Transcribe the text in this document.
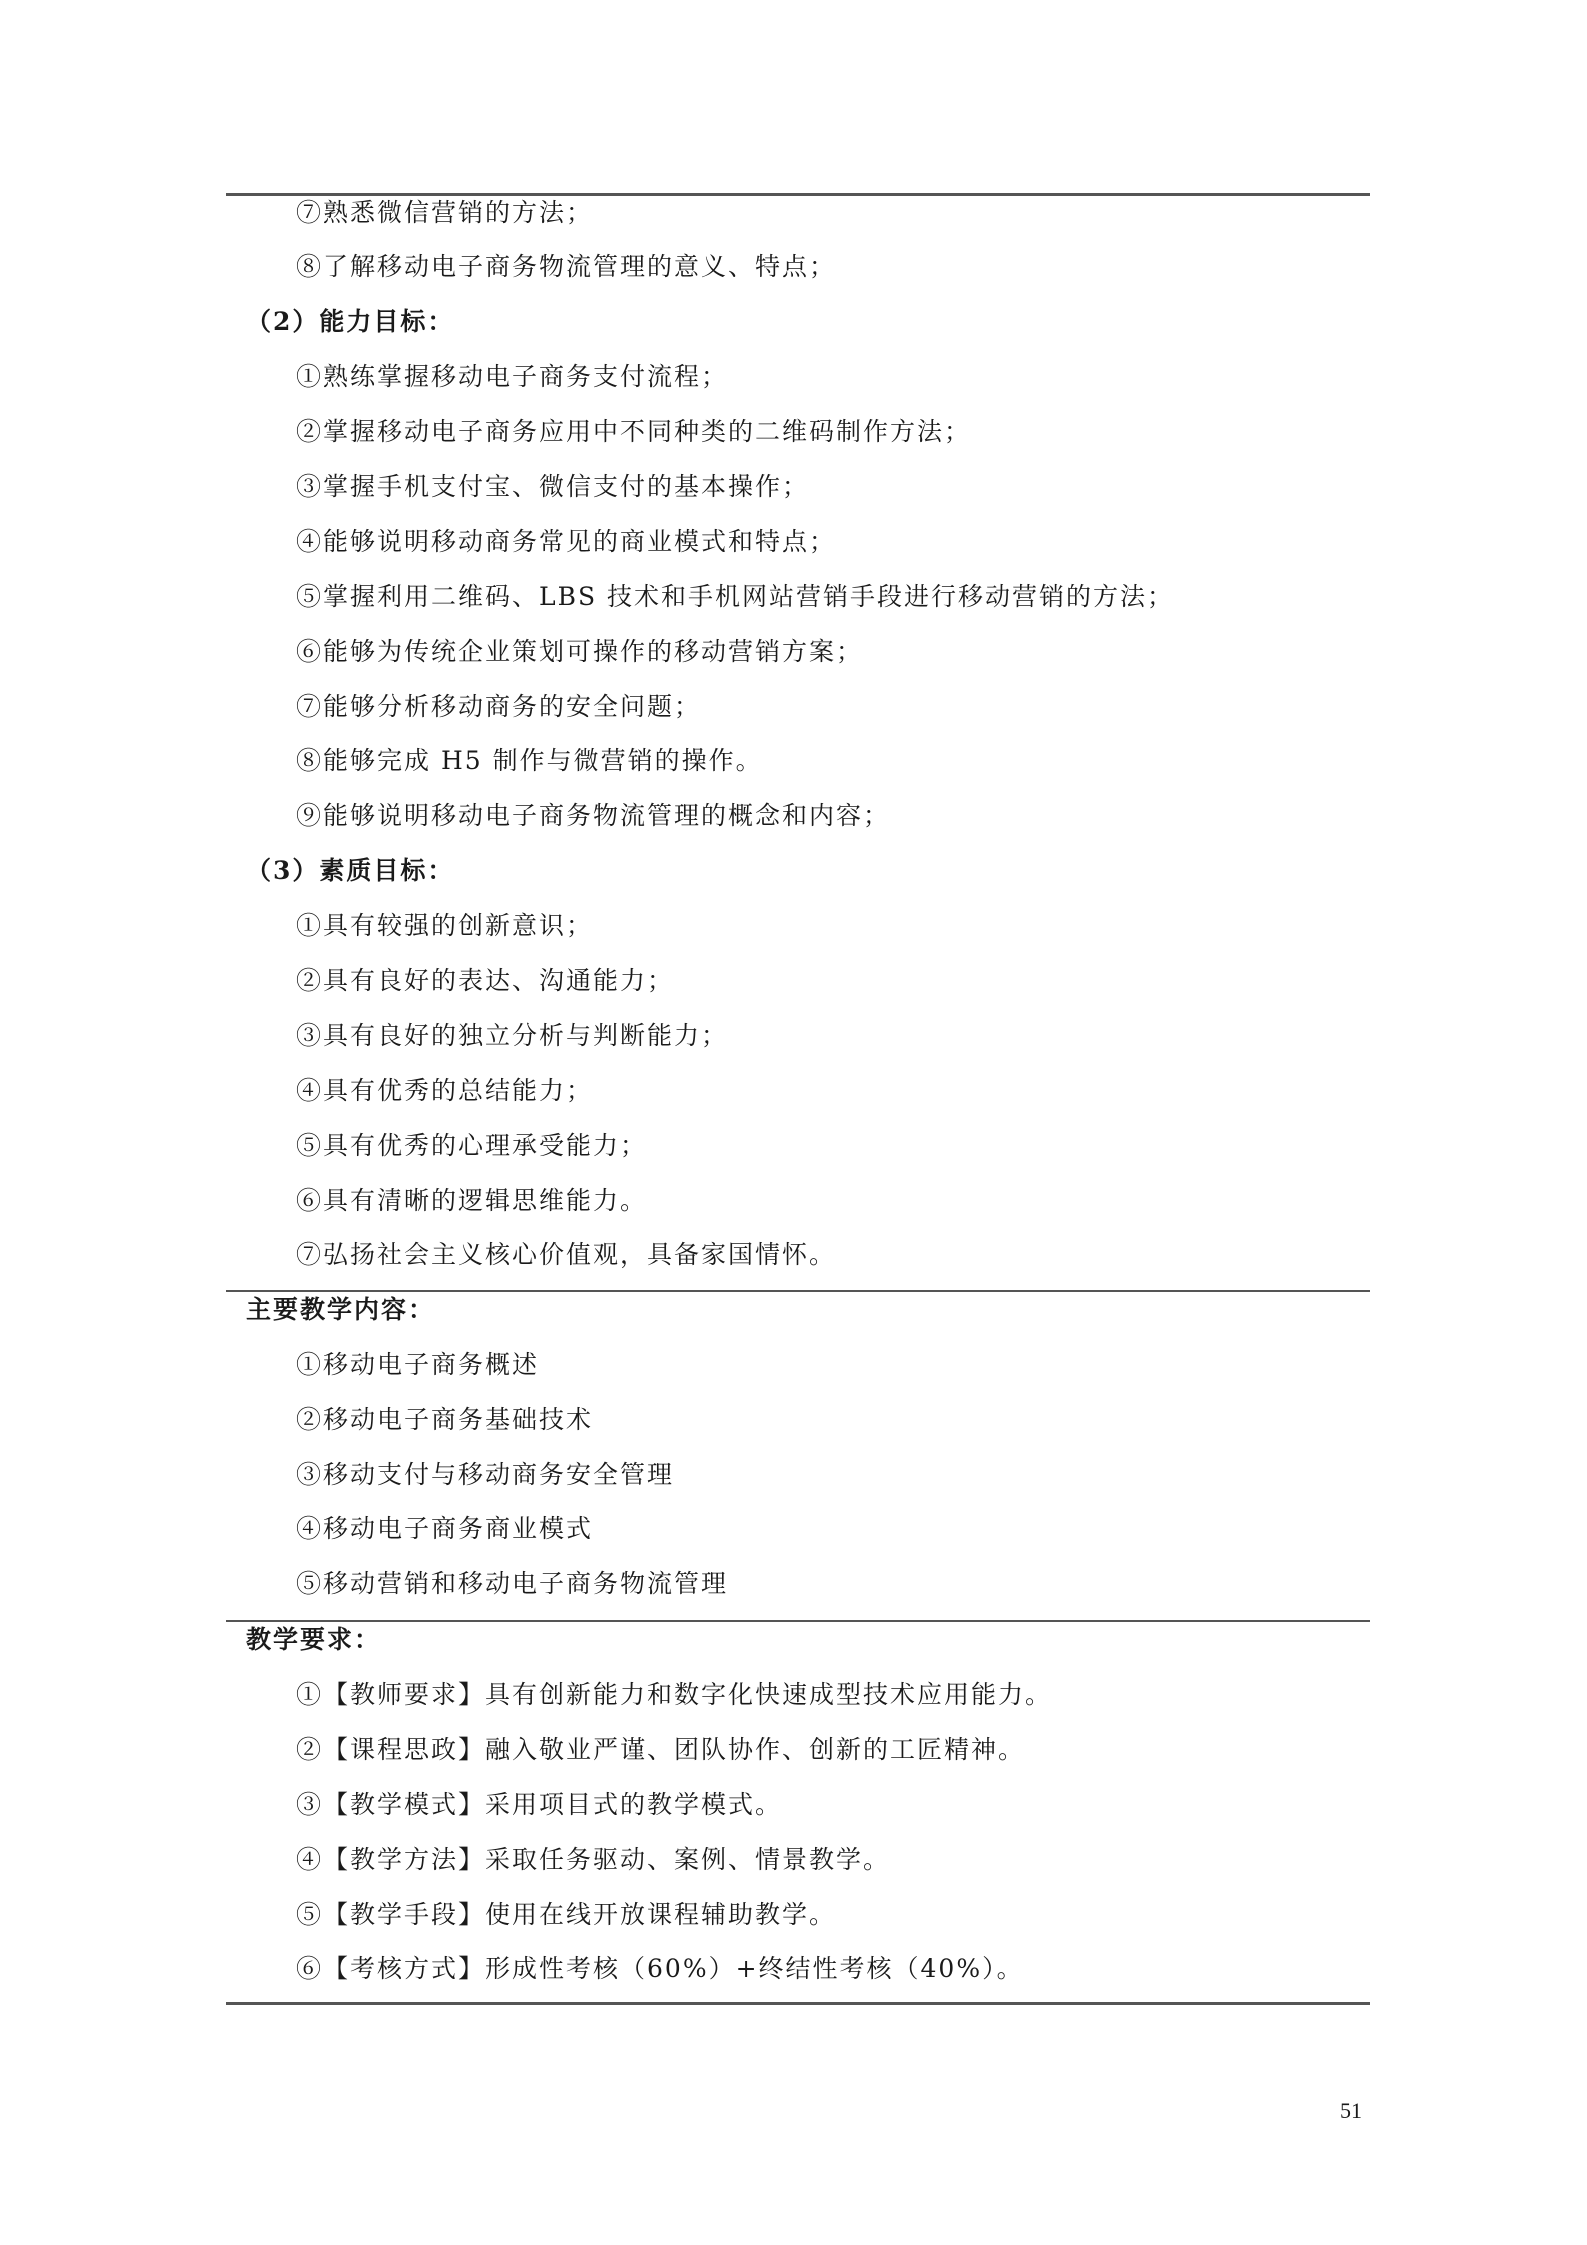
⑦熟悉微信营销的方法；
⑧了解移动电子商务物流管理的意义、特点；
（2）能力目标：
①熟练掌握移动电子商务支付流程；
②掌握移动电子商务应用中不同种类的二维码制作方法；
③掌握手机支付宝、微信支付的基本操作；
④能够说明移动商务常见的商业模式和特点；
⑤掌握利用二维码、LBS 技术和手机网站营销手段进行移动营销的方法；
⑥能够为传统企业策划可操作的移动营销方案；
⑦能够分析移动商务的安全问题；
⑧能够完成 H5 制作与微营销的操作。
⑨能够说明移动电子商务物流管理的概念和内容；
（3）素质目标：
①具有较强的创新意识；
②具有良好的表达、沟通能力；
③具有良好的独立分析与判断能力；
④具有优秀的总结能力；
⑤具有优秀的心理承受能力；
⑥具有清晰的逻辑思维能力。
⑦弘扬社会主义核心价值观，具备家国情怀。
主要教学内容：
①移动电子商务概述
②移动电子商务基础技术
③移动支付与移动商务安全管理
④移动电子商务商业模式
⑤移动营销和移动电子商务物流管理
教学要求：
①【教师要求】具有创新能力和数字化快速成型技术应用能力。
②【课程思政】融入敬业严谨、团队协作、创新的工匠精神。
③【教学模式】采用项目式的教学模式。
④【教学方法】采取任务驱动、案例、情景教学。
⑤【教学手段】使用在线开放课程辅助教学。
⑥【考核方式】形成性考核（60%）+终结性考核（40%）。
51
